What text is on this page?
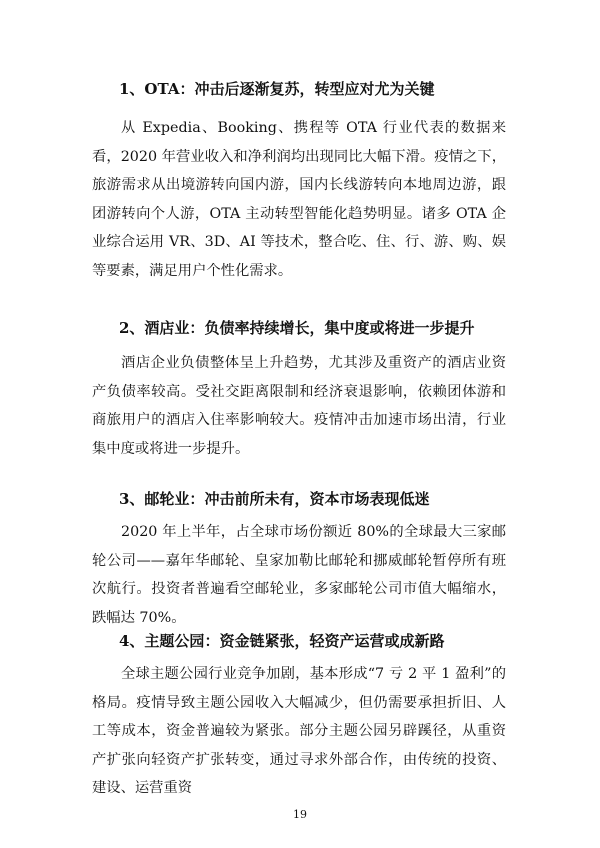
1、OTA：冲击后逐渐复苏，转型应对尤为关键

从 Expedia、Booking、携程等 OTA 行业代表的数据来看，2020 年营业收入和净利润均出现同比大幅下滑。疫情之下，旅游需求从出境游转向国内游，国内长线游转向本地周边游，跟团游转向个人游，OTA 主动转型智能化趋势明显。诸多 OTA 企业综合运用 VR、3D、AI 等技术，整合吃、住、行、游、购、娱等要素，满足用户个性化需求。

2、酒店业：负债率持续增长，集中度或将进一步提升

酒店企业负债整体呈上升趋势，尤其涉及重资产的酒店业资产负债率较高。受社交距离限制和经济衰退影响，依赖团体游和商旅用户的酒店入住率影响较大。疫情冲击加速市场出清，行业集中度或将进一步提升。

3、邮轮业：冲击前所未有，资本市场表现低迷

2020 年上半年，占全球市场份额近 80%的全球最大三家邮轮公司——嘉年华邮轮、皇家加勒比邮轮和挪威邮轮暂停所有班次航行。投资者普遍看空邮轮业，多家邮轮公司市值大幅缩水，跌幅达 70%。

4、主题公园：资金链紧张，轻资产运营或成新路

全球主题公园行业竞争加剧，基本形成“7 亏 2 平 1 盈利”的格局。疫情导致主题公园收入大幅减少，但仍需要承担折旧、人工等成本，资金普遍较为紧张。部分主题公园另辟蹊径，从重资产扩张向轻资产扩张转变，通过寻求外部合作，由传统的投资、建设、运营重资

19
